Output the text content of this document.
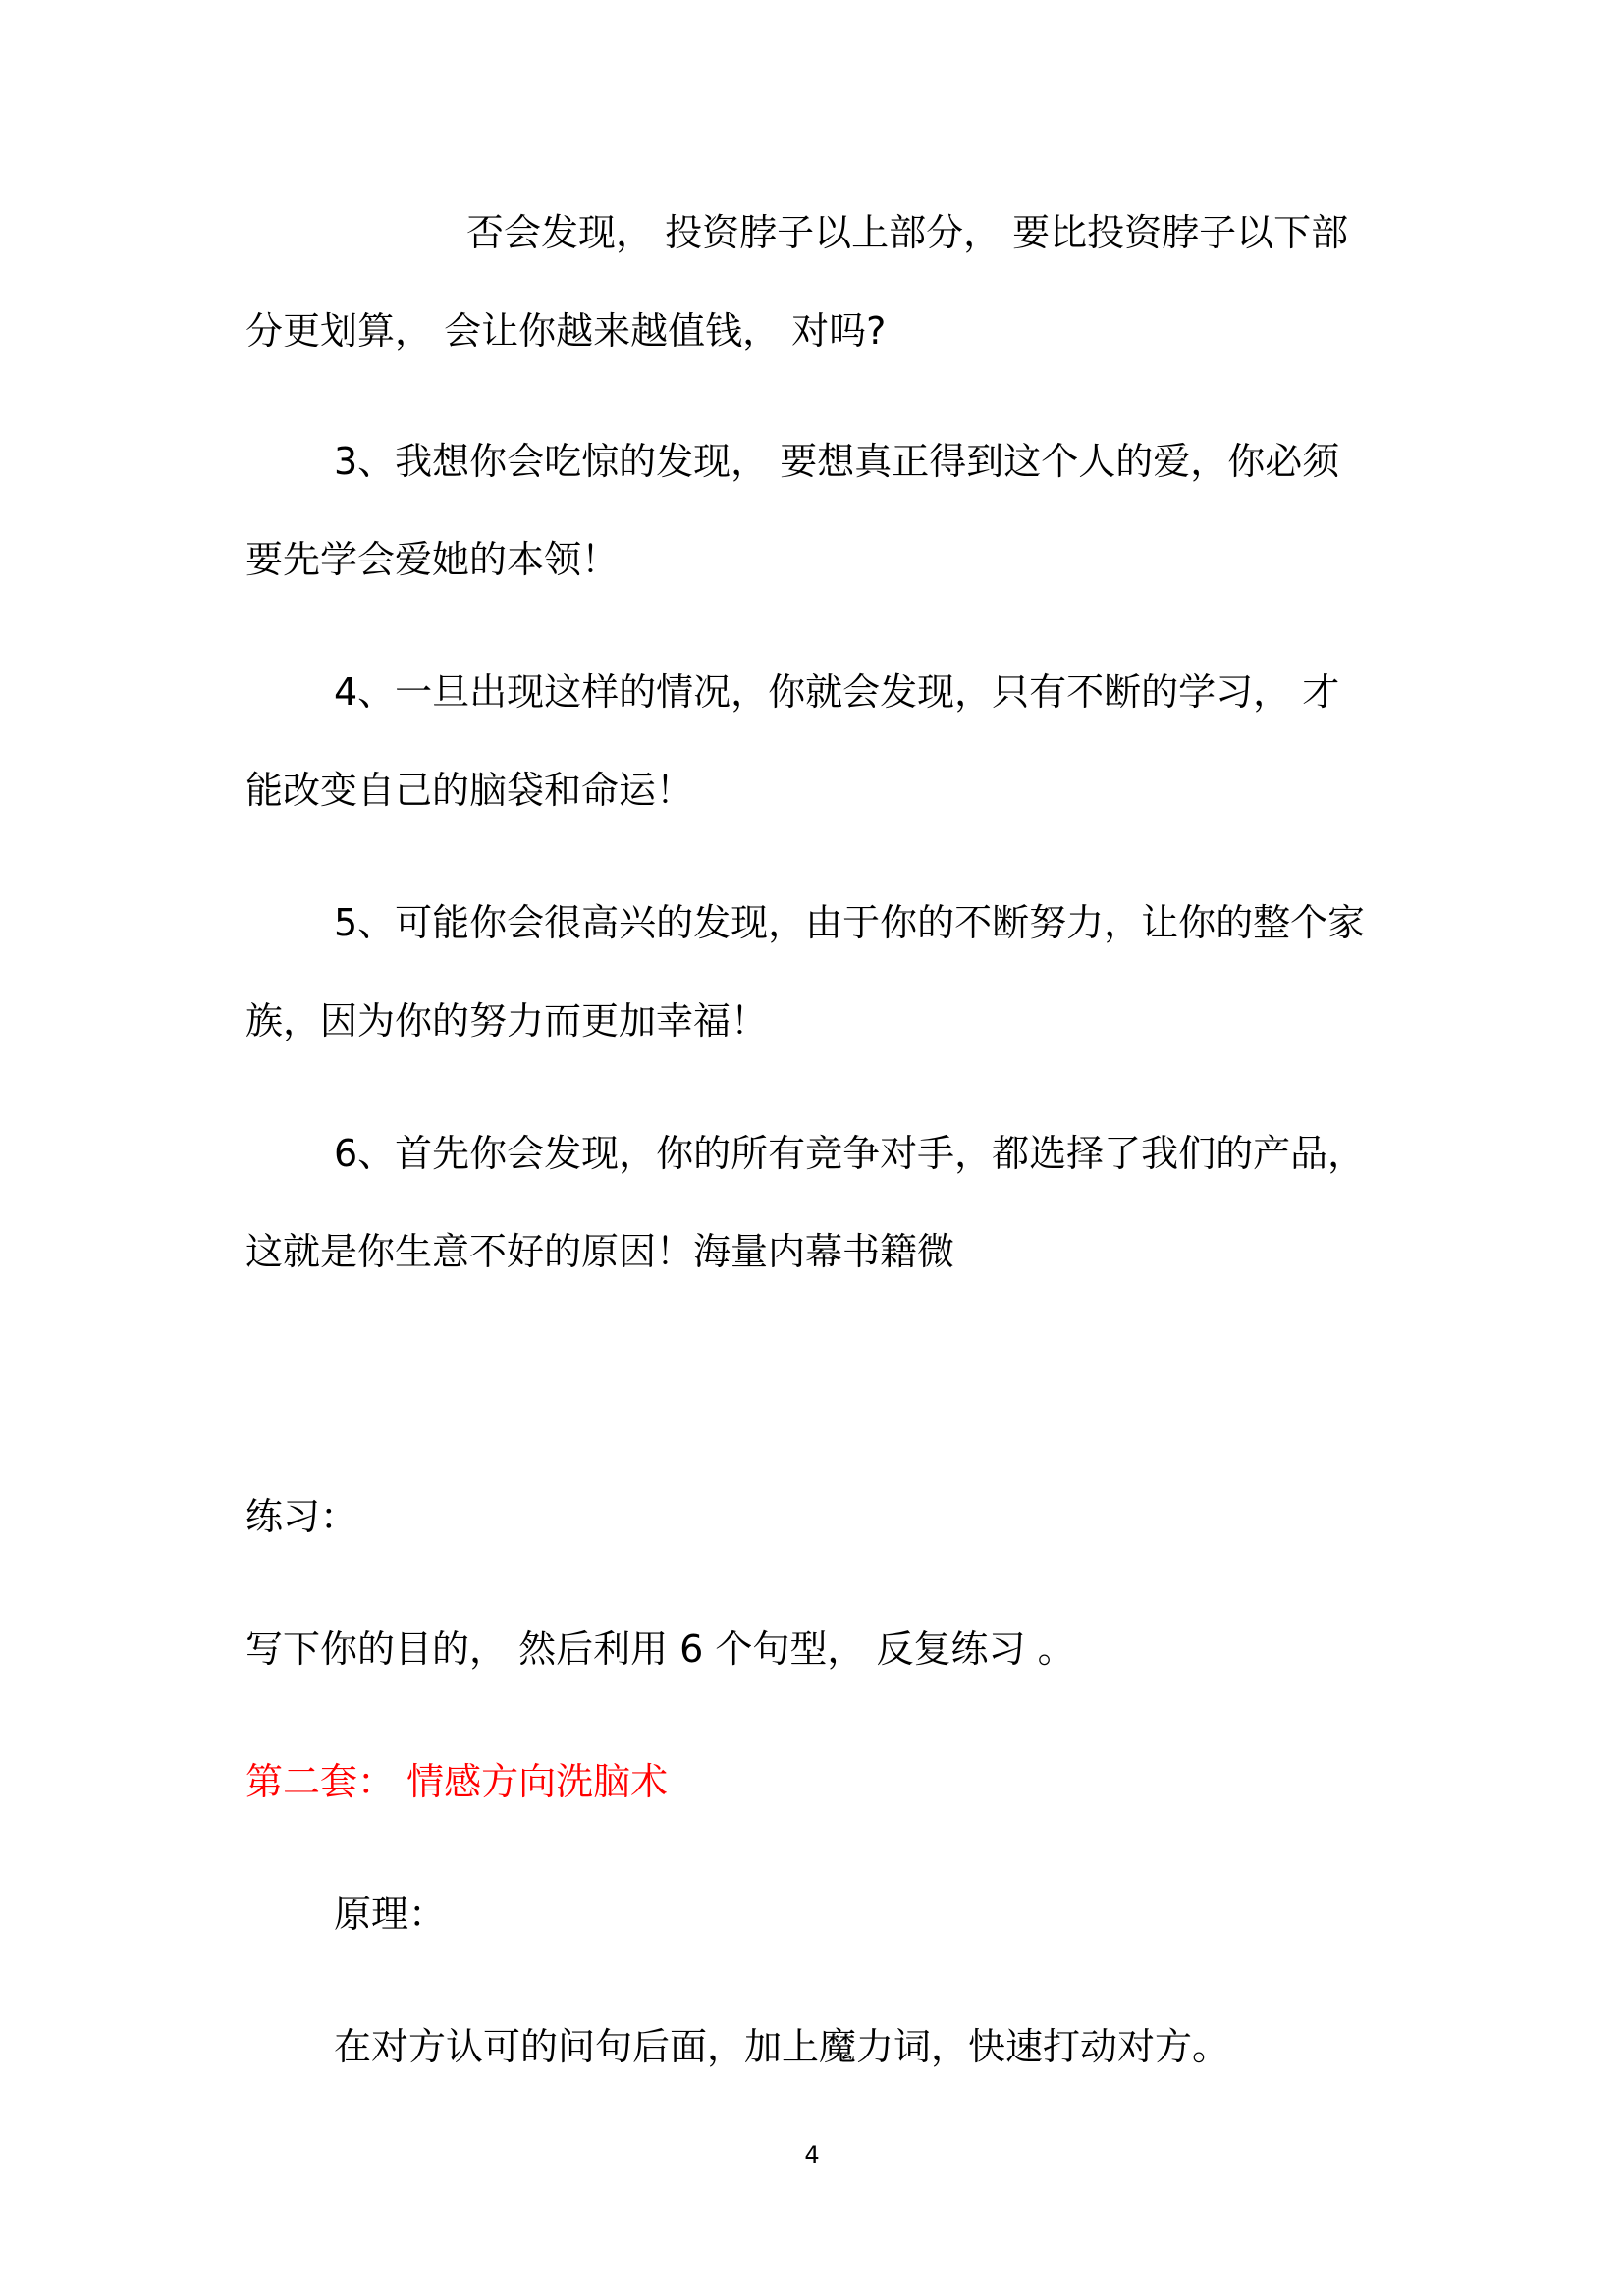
否会发现， 投资脖子以上部分， 要比投资脖子以下部
分更划算， 会让你越来越值钱， 对吗?
3、我想你会吃惊的发现， 要想真正得到这个人的爱，你必须
要先学会爱她的本领！
4、一旦出现这样的情况，你就会发现，只有不断的学习， 才
能改变自己的脑袋和命运！
5、可能你会很高兴的发现，由于你的不断努力，让你的整个家
族，因为你的努力而更加幸福！
6、首先你会发现，你的所有竞争对手，都选择了我们的产品，
这就是你生意不好的原因！海量内幕书籍微
练习：
写下你的目的， 然后利用 6 个句型， 反复练习 。
第二套： 情感方向洗脑术
原理：
在对方认可的问句后面，加上魔力词，快速打动对方。
4
